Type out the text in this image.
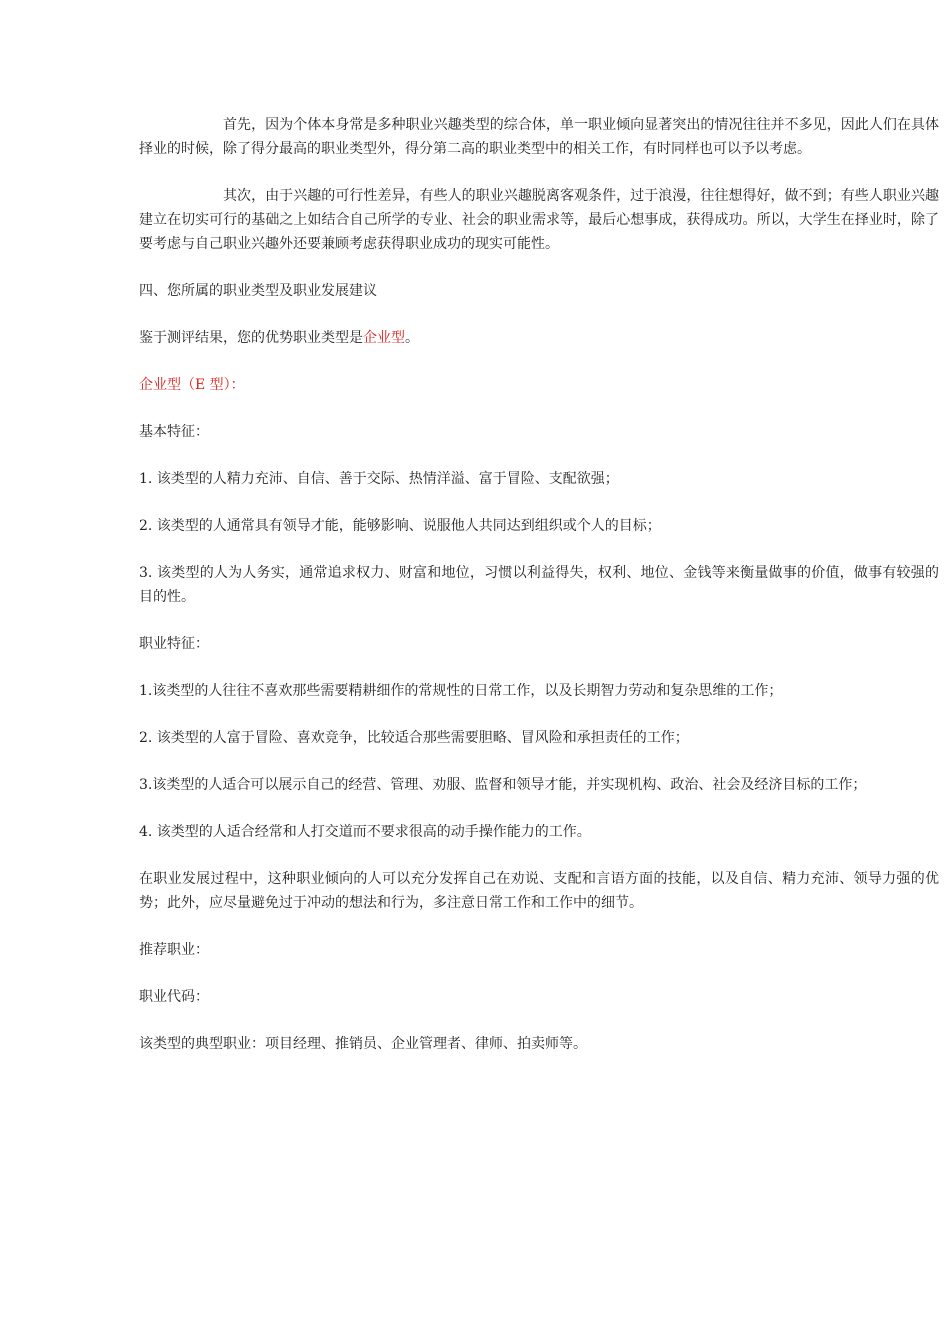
首先，因为个体本身常是多种职业兴趣类型的综合体，单一职业倾向显著突出的情况往往并不多见，因此人们在具体择业的时候，除了得分最高的职业类型外，得分第二高的职业类型中的相关工作，有时同样也可以予以考虑。

其次，由于兴趣的可行性差异，有些人的职业兴趣脱离客观条件，过于浪漫，往往想得好，做不到；有些人职业兴趣建立在切实可行的基础之上如结合自己所学的专业、社会的职业需求等，最后心想事成，获得成功。所以，大学生在择业时，除了要考虑与自己职业兴趣外还要兼顾考虑获得职业成功的现实可能性。

四、您所属的职业类型及职业发展建议

鉴于测评结果，您的优势职业类型是企业型。

企业型（E 型）：

基本特征：

1. 该类型的人精力充沛、自信、善于交际、热情洋溢、富于冒险、支配欲强；

2. 该类型的人通常具有领导才能，能够影响、说服他人共同达到组织或个人的目标；

3. 该类型的人为人务实，通常追求权力、财富和地位，习惯以利益得失，权利、地位、金钱等来衡量做事的价值，做事有较强的目的性。

职业特征：

1.该类型的人往往不喜欢那些需要精耕细作的常规性的日常工作，以及长期智力劳动和复杂思维的工作；

2. 该类型的人富于冒险、喜欢竞争，比较适合那些需要胆略、冒风险和承担责任的工作；

3.该类型的人适合可以展示自己的经营、管理、劝服、监督和领导才能，并实现机构、政治、社会及经济目标的工作；

4. 该类型的人适合经常和人打交道而不要求很高的动手操作能力的工作。

在职业发展过程中，这种职业倾向的人可以充分发挥自己在劝说、支配和言语方面的技能，以及自信、精力充沛、领导力强的优势；此外，应尽量避免过于冲动的想法和行为，多注意日常工作和工作中的细节。

推荐职业：

职业代码：

该类型的典型职业：项目经理、推销员、企业管理者、律师、拍卖师等。
